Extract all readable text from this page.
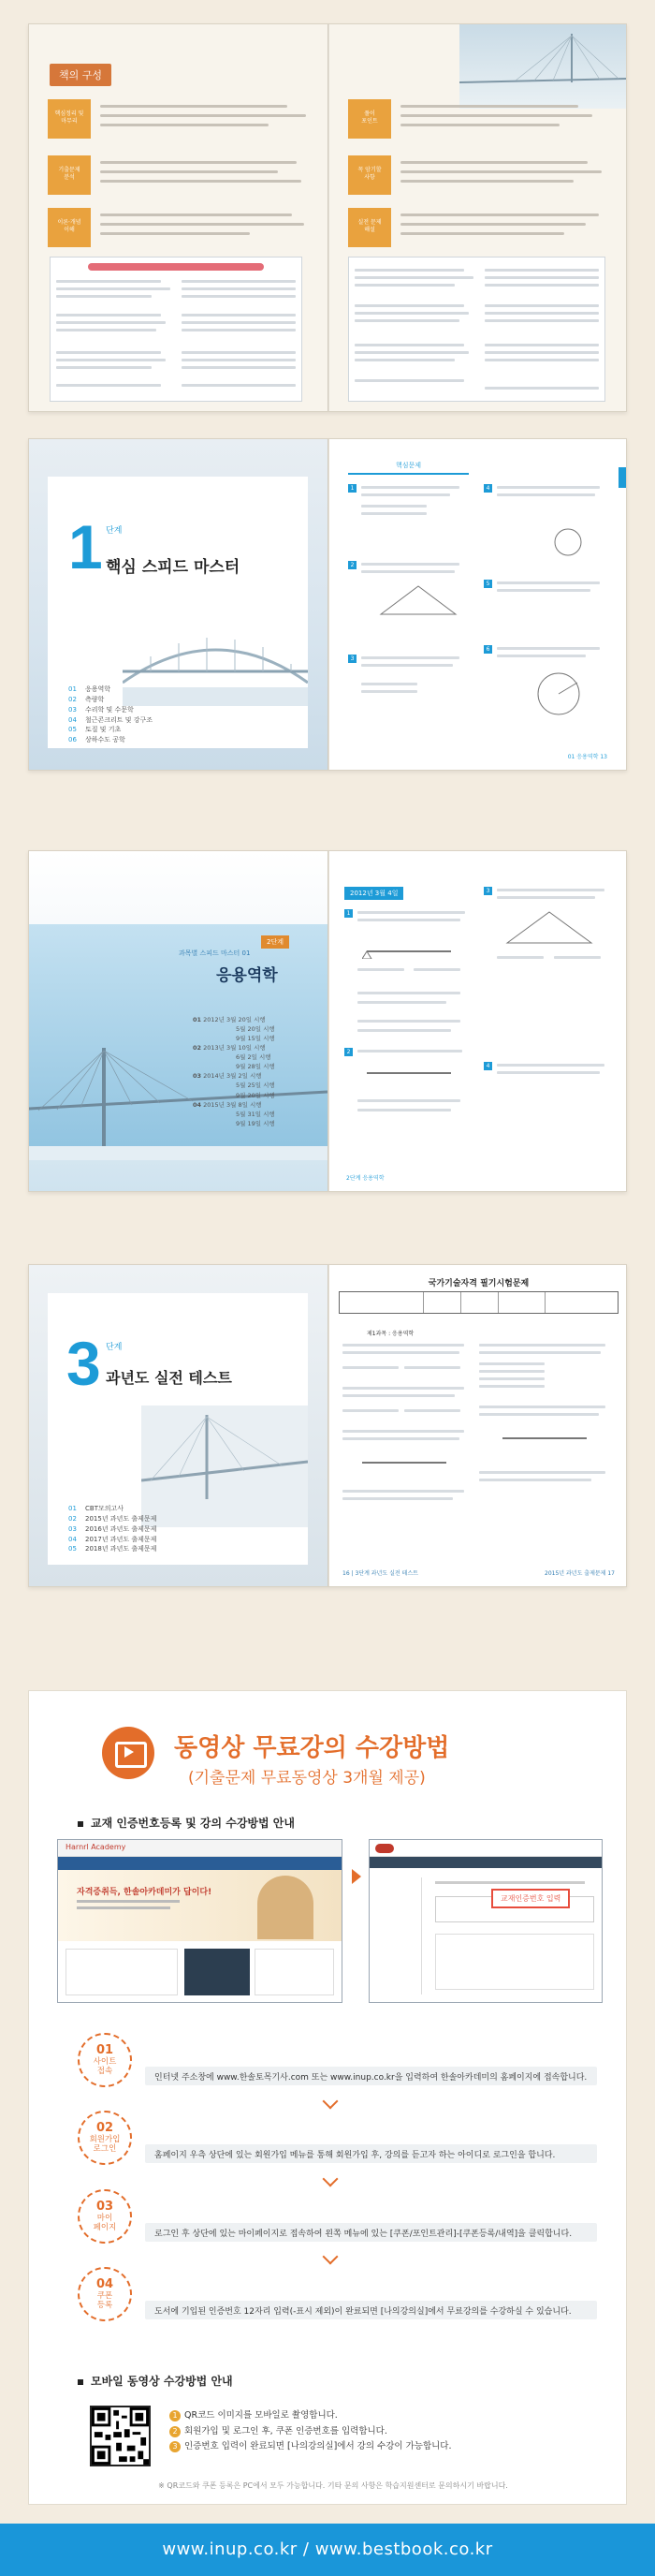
책의 구성
핵심정리 및
마무리
기출문제
분석
이론·개념
이해
풀이
포인트
꼭 암기할
사항
실전 문제
해설
1 단계
핵심 스피드 마스터
01 응용역학
02 측량학
03 수리학 및 수문학
04 철근콘크리트 및 강구조
05 토질 및 기초
06 상하수도 공학
핵심문제
1
2
3
4
5
6
01 응용역학 13
2단계
과목별 스피드 마스터 01
응용역학
01 2012년 3월 20일 시행
5월 20일 시행
9월 15일 시행
02 2013년 3월 10일 시행
6월 2일 시행
9월 28일 시행
03 2014년 3월 2일 시행
5월 25일 시행
9월 20일 시행
04 2015년 3월 8일 시행
5월 31일 시행
9월 19일 시행
2012년 3월 4일
1
2
3
4
2단계 응용역학
3 단계
과년도 실전 테스트
01 CBT모의고사
02 2015년 과년도 출제문제
03 2016년 과년도 출제문제
04 2017년 과년도 출제문제
05 2018년 과년도 출제문제
국가기술자격 필기시험문제
제1과목 : 응용역학
16 | 3단계 과년도 실전 테스트	2015년 과년도 출제문제 17
동영상 무료강의 수강방법
(기출문제 무료동영상 3개월 제공)
교재 인증번호등록 및 강의 수강방법 안내
Harnrl Academy
자격증취득, 한솔아카데미가 답이다!
교재인증번호 입력
01
사이트
접속
인터넷 주소창에 www.한솔토목기사.com 또는 www.inup.co.kr을 입력하여 한솔아카데미의 홈페이지에 접속합니다.
02
회원가입
로그인
홈페이지 우측 상단에 있는 회원가입 메뉴를 통해 회원가입 후, 강의를 듣고자 하는 아이디로 로그인을 합니다.
03
마이
페이지
로그인 후 상단에 있는 마이페이지로 접속하여 왼쪽 메뉴에 있는 [쿠폰/포인트관리]-[쿠폰등록/내역]을 클릭합니다.
04
쿠폰
등록
도서에 기입된 인증번호 12자리 입력(-표시 제외)이 완료되면 [나의강의실]에서 무료강의를 수강하실 수 있습니다.
모바일 동영상 수강방법 안내
1 QR코드 이미지를 모바일로 촬영합니다.
2 회원가입 및 로그인 후, 쿠폰 인증번호를 입력합니다.
3 인증번호 입력이 완료되면 [나의강의실]에서 강의 수강이 가능합니다.
※ QR코드와 쿠폰 등록은 PC에서 모두 가능합니다. 기타 문의 사항은 학습지원센터로 문의하시기 바랍니다.
www.inup.co.kr / www.bestbook.co.kr
